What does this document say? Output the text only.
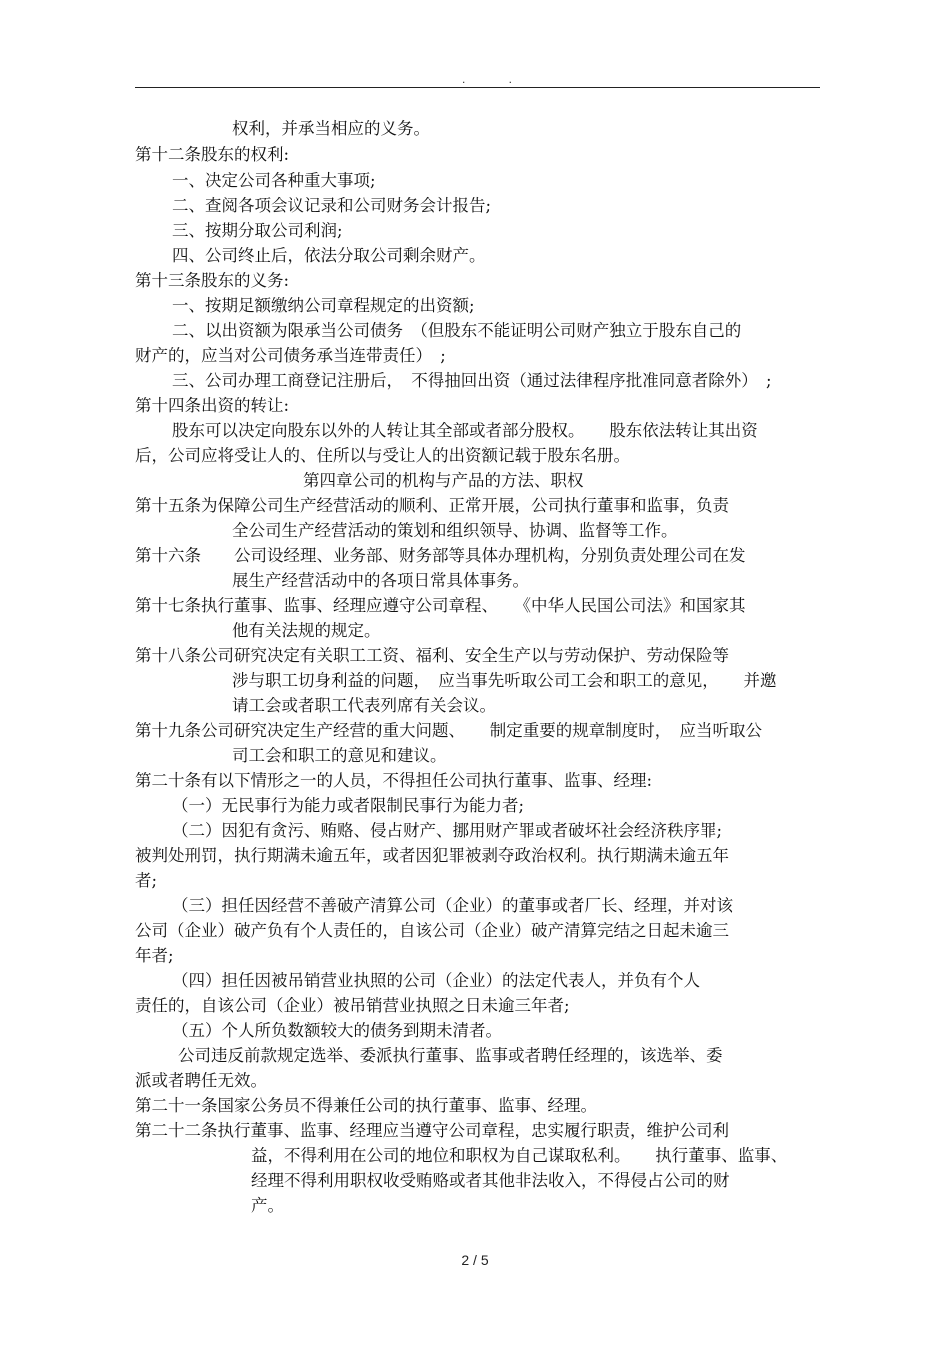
. .
权利，并承当相应的义务。
第十二条股东的权利:
一、决定公司各种重大事项;
二、查阅各项会议记录和公司财务会计报告;
三、按期分取公司利润;
四、公司终止后，依法分取公司剩余财产。
第十三条股东的义务:
一、按期足额缴纳公司章程规定的出资额;
二、以出资额为限承当公司债务　（但股东不能证明公司财产独立于股东自己的
财产的，应当对公司债务承当连带责任）　;
三、公司办理工商登记注册后，　不得抽回出资（通过法律程序批准同意者除外）　;
第十四条出资的转让:
股东可以决定向股东以外的人转让其全部或者部分股权。　　股东依法转让其出资
后，公司应将受让人的、住所以与受让人的出资额记载于股东名册。
第四章公司的机构与产品的方法、职权
第十五条为保障公司生产经营活动的顺利、正常开展，公司执行董事和监事，负责
全公司生产经营活动的策划和组织领导、协调、监督等工作。
第十六条　　公司设经理、业务部、财务部等具体办理机构，分别负责处理公司在发
展生产经营活动中的各项日常具体事务。
第十七条执行董事、监事、经理应遵守公司章程、　　《中华人民国公司法》和国家其
他有关法规的规定。
第十八条公司研究决定有关职工工资、福利、安全生产以与劳动保护、劳动保险等
涉与职工切身利益的问题，　应当事先听取公司工会和职工的意见，　　并邀
请工会或者职工代表列席有关会议。
第十九条公司研究决定生产经营的重大问题、　　制定重要的规章制度时，　应当听取公
司工会和职工的意见和建议。
第二十条有以下情形之一的人员，不得担任公司执行董事、监事、经理:
（一）无民事行为能力或者限制民事行为能力者;
（二）因犯有贪污、贿赂、侵占财产、挪用财产罪或者破坏社会经济秩序罪;
被判处刑罚，执行期满未逾五年，或者因犯罪被剥夺政治权利。执行期满未逾五年
者;
（三）担任因经营不善破产清算公司（企业）的董事或者厂长、经理，并对该
公司（企业）破产负有个人责任的，自该公司（企业）破产清算完结之日起未逾三
年者;
（四）担任因被吊销营业执照的公司（企业）的法定代表人，并负有个人
责任的，自该公司（企业）被吊销营业执照之日未逾三年者;
（五）个人所负数额较大的债务到期未清者。
公司违反前款规定选举、委派执行董事、监事或者聘任经理的，该选举、委
派或者聘任无效。
第二十一条国家公务员不得兼任公司的执行董事、监事、经理。
第二十二条执行董事、监事、经理应当遵守公司章程，忠实履行职责，维护公司利
益，不得利用在公司的地位和职权为自己谋取私利。　　执行董事、监事、
经理不得利用职权收受贿赂或者其他非法收入，不得侵占公司的财
产。
2 / 5
